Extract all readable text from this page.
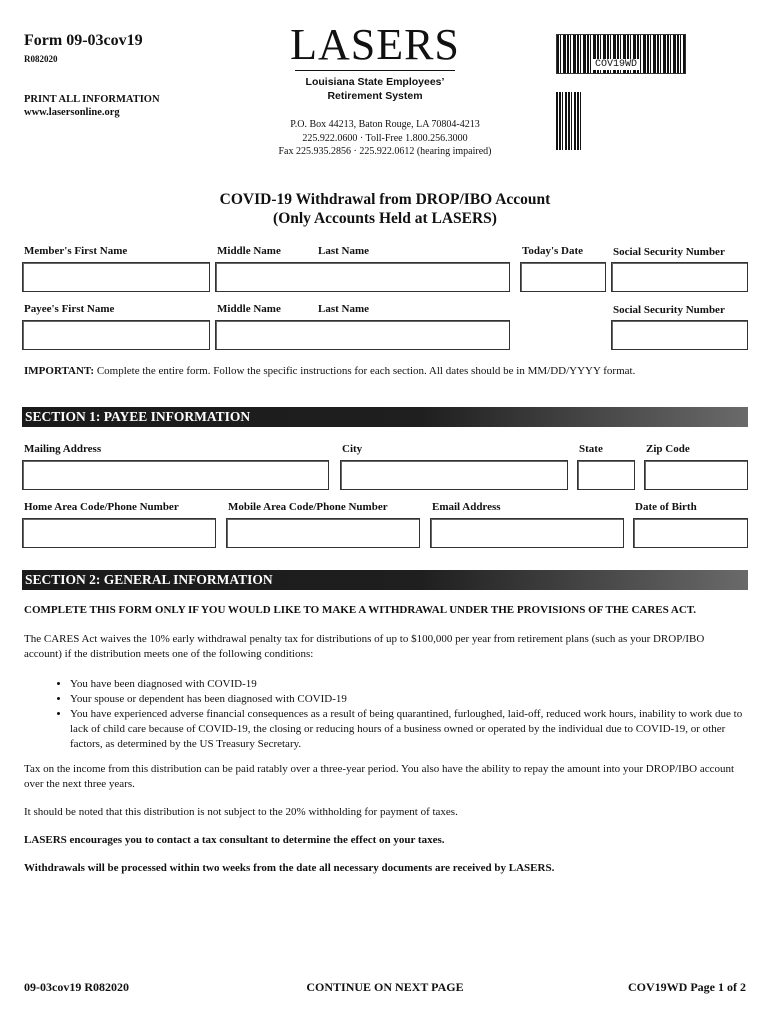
Form 09-03cov19
R082020
PRINT ALL INFORMATION
www.lasersonline.org
LASERS
Louisiana State Employees’
Retirement System
P.O. Box 44213, Baton Rouge, LA 70804-4213
225.922.0600 · Toll-Free 1.800.256.3000
Fax 225.935.2856 · 225.922.0612 (hearing impaired)
COV19WD
COVID-19 Withdrawal from DROP/IBO Account
(Only Accounts Held at LASERS)
Member's First Name	Middle Name	Last Name	Today's Date	Social Security Number
Payee's First Name	Middle Name	Last Name	Social Security Number
IMPORTANT: Complete the entire form. Follow the specific instructions for each section. All dates should be in MM/DD/YYYY format.
SECTION 1: PAYEE INFORMATION
Mailing Address	City	State	Zip Code
Home Area Code/Phone Number	Mobile Area Code/Phone Number	Email Address	Date of Birth
SECTION 2: GENERAL INFORMATION
COMPLETE THIS FORM ONLY IF YOU WOULD LIKE TO MAKE A WITHDRAWAL UNDER THE PROVISIONS OF THE CARES ACT.
The CARES Act waives the 10% early withdrawal penalty tax for distributions of up to $100,000 per year from retirement plans (such as your DROP/IBO account) if the distribution meets one of the following conditions:
• You have been diagnosed with COVID-19
• Your spouse or dependent has been diagnosed with COVID-19
• You have experienced adverse financial consequences as a result of being quarantined, furloughed, laid-off, reduced work hours, inability to work due to lack of child care because of COVID-19, the closing or reducing hours of a business owned or operated by the individual due to COVID-19, or other factors, as determined by the US Treasury Secretary.
Tax on the income from this distribution can be paid ratably over a three-year period. You also have the ability to repay the amount into your DROP/IBO account over the next three years.
It should be noted that this distribution is not subject to the 20% withholding for payment of taxes.
LASERS encourages you to contact a tax consultant to determine the effect on your taxes.
Withdrawals will be processed within two weeks from the date all necessary documents are received by LASERS.
09-03cov19 R082020	CONTINUE ON NEXT PAGE	COV19WD Page 1 of 2
